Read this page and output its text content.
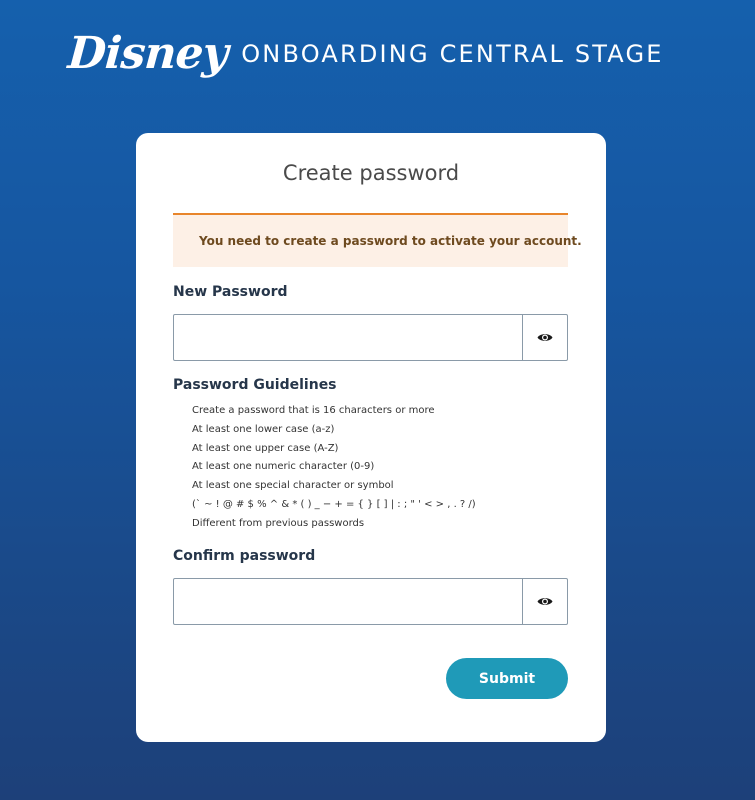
Disney ONBOARDING CENTRAL STAGE
Create password
You need to create a password to activate your account.
New Password
Password Guidelines
Create a password that is 16 characters or more
At least one lower case (a-z)
At least one upper case (A-Z)
At least one numeric character (0-9)
At least one special character or symbol
(` ~ ! @ # $ % ^ & * ( ) _ − + = { } [ ] | : ; " ' < > , . ? /)
Different from previous passwords
Confirm password
Submit
